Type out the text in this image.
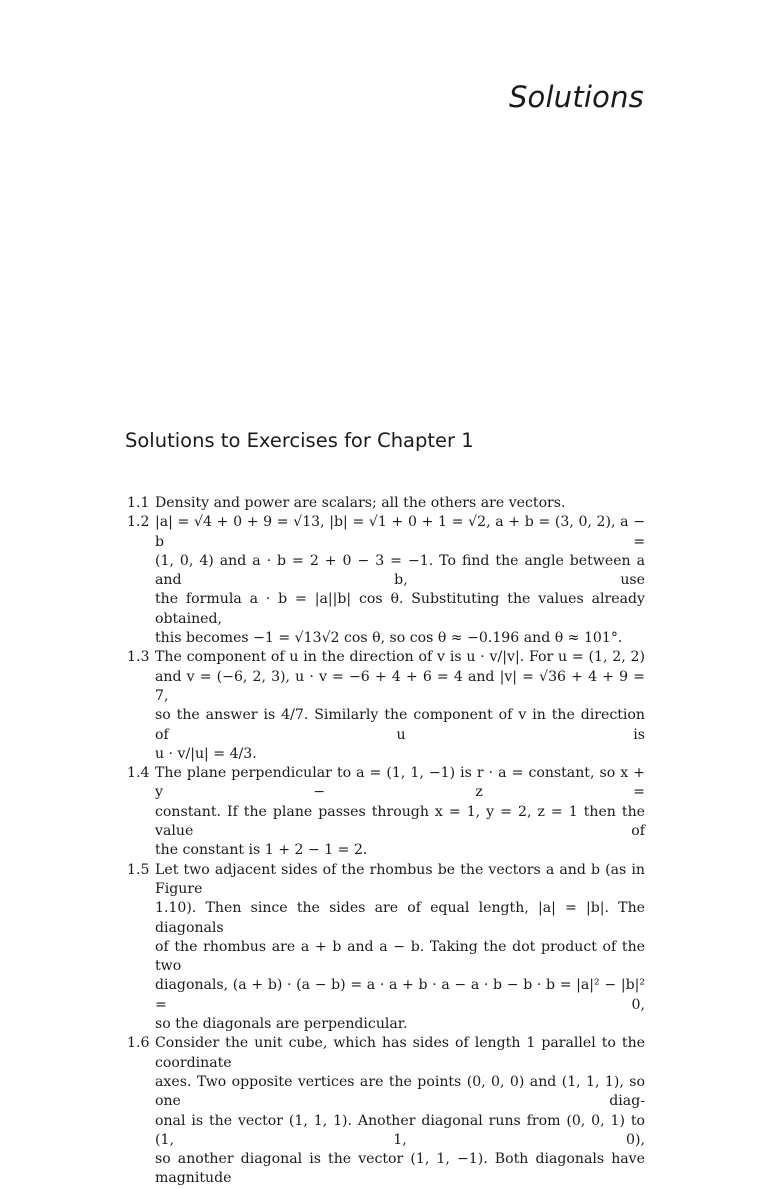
Solutions
Solutions to Exercises for Chapter 1
1.1 Density and power are scalars; all the others are vectors.
1.2 |a| = √4 + 0 + 9 = √13, |b| = √1 + 0 + 1 = √2, a + b = (3, 0, 2), a − b =
(1, 0, 4) and a · b = 2 + 0 − 3 = −1. To find the angle between a and b, use
the formula a · b = |a||b| cos θ. Substituting the values already obtained,
this becomes −1 = √13√2 cos θ, so cos θ ≈ −0.196 and θ ≈ 101°.
1.3 The component of u in the direction of v is u · v/|v|. For u = (1, 2, 2)
and v = (−6, 2, 3), u · v = −6 + 4 + 6 = 4 and |v| = √36 + 4 + 9 = 7,
so the answer is 4/7. Similarly the component of v in the direction of u is
u · v/|u| = 4/3.
1.4 The plane perpendicular to a = (1, 1, −1) is r · a = constant, so x + y − z =
constant. If the plane passes through x = 1, y = 2, z = 1 then the value of
the constant is 1 + 2 − 1 = 2.
1.5 Let two adjacent sides of the rhombus be the vectors a and b (as in Figure
1.10). Then since the sides are of equal length, |a| = |b|. The diagonals
of the rhombus are a + b and a − b. Taking the dot product of the two
diagonals, (a + b) · (a − b) = a · a + b · a − a · b − b · b = |a|² − |b|² = 0,
so the diagonals are perpendicular.
1.6 Consider the unit cube, which has sides of length 1 parallel to the coordinate
axes. Two opposite vertices are the points (0, 0, 0) and (1, 1, 1), so one diag-
onal is the vector (1, 1, 1). Another diagonal runs from (0, 0, 1) to (1, 1, 0),
so another diagonal is the vector (1, 1, −1). Both diagonals have magnitude
